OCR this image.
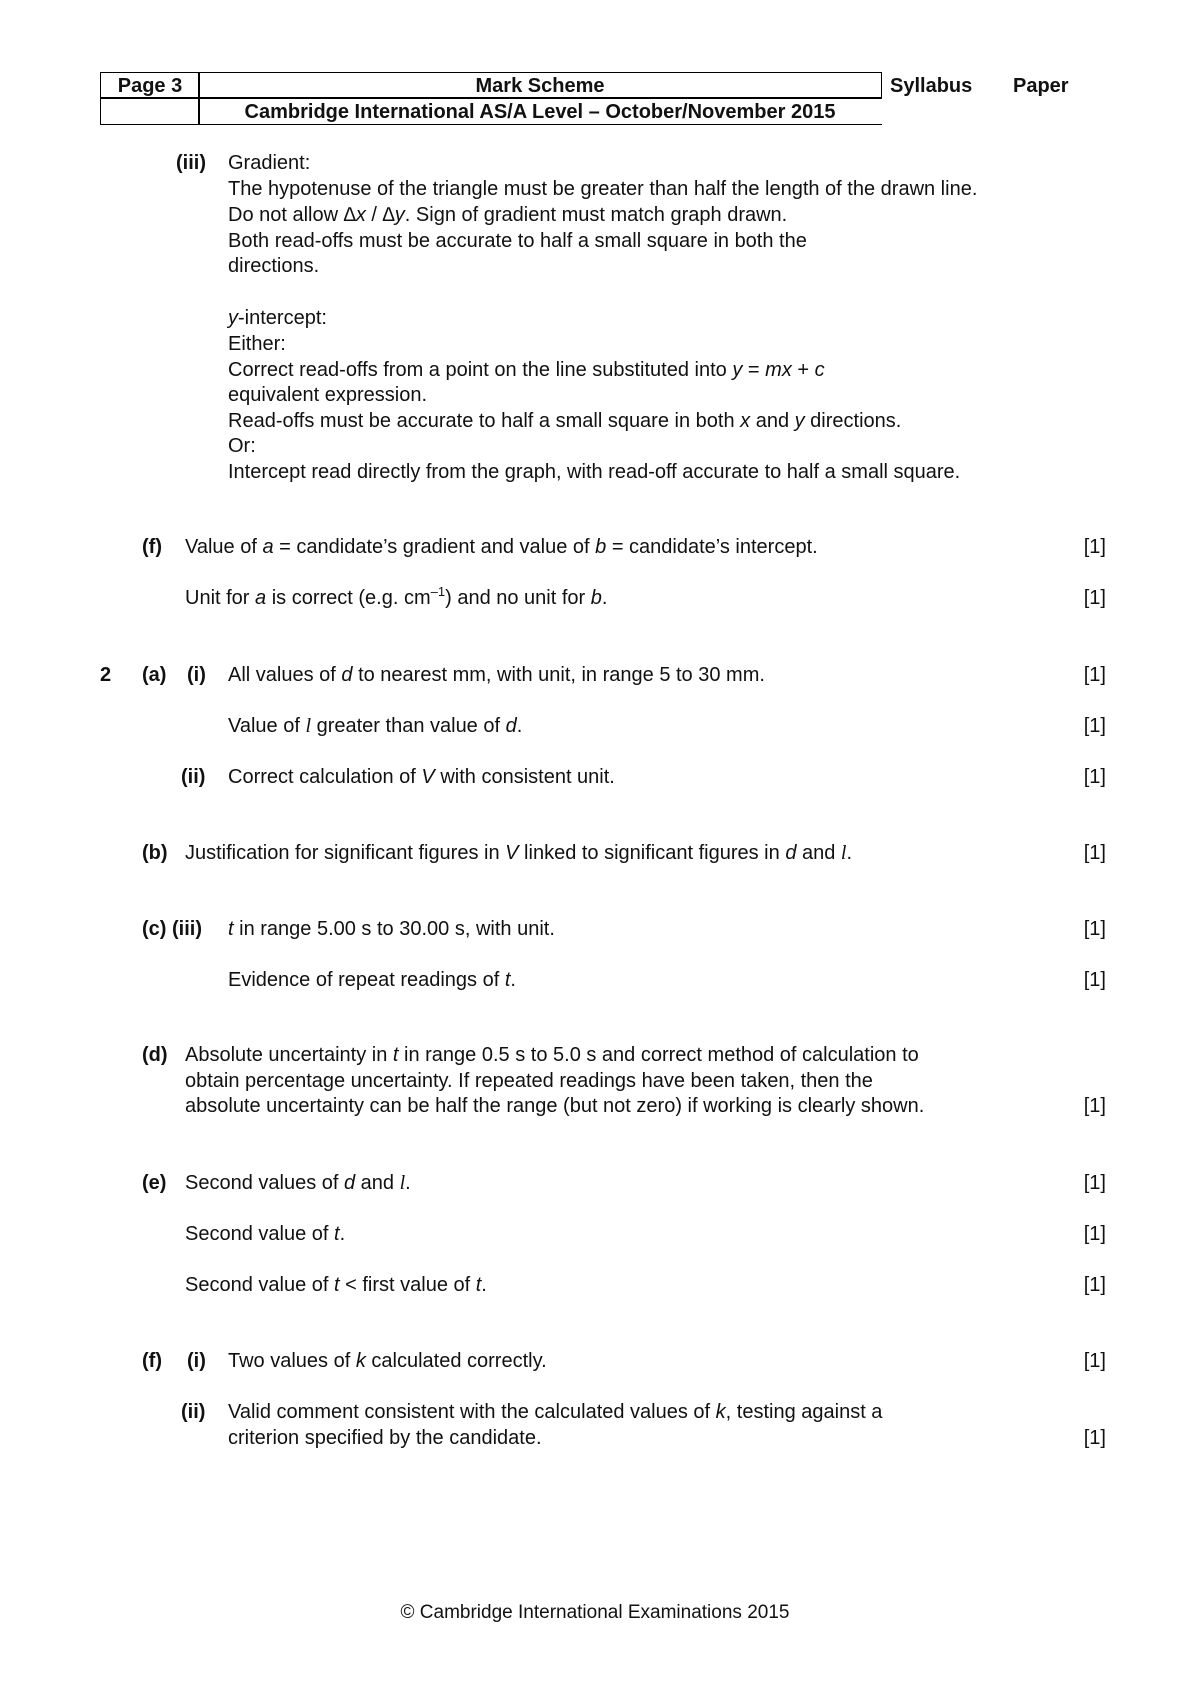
Page 3	Mark Scheme
Cambridge International AS/A Level – October/November 2015
Syllabus Paper
(iii) Gradient:
The hypotenuse of the triangle must be greater than half the length of the drawn line.
Do not allow ∆x / ∆y. Sign of gradient must match graph drawn.
Both read-offs must be accurate to half a small square in both the
directions.
y-intercept:
Either:
Correct read-offs from a point on the line substituted into y = mx + c
equivalent expression.
Read-offs must be accurate to half a small square in both x and y directions.
Or:
Intercept read directly from the graph, with read-off accurate to half a small square.
(f) Value of a = candidate’s gradient and value of b = candidate’s intercept.	[1]
Unit for a is correct (e.g. $cm^{-1}$) and no unit for b.	[1]
2 (a) (i) All values of d to nearest mm, with unit, in range 5 to 30 mm.	[1]
Value of l greater than value of d.	[1]
(ii) Correct calculation of V with consistent unit.	[1]
(b) Justification for significant figures in V linked to significant figures in d and l.	[1]
(c) (iii) t in range 5.00 s to 30.00 s, with unit.	[1]
Evidence of repeat readings of t.	[1]
(d) Absolute uncertainty in t in range 0.5 s to 5.0 s and correct method of calculation to
obtain percentage uncertainty. If repeated readings have been taken, then the
absolute uncertainty can be half the range (but not zero) if working is clearly shown.	[1]
(e) Second values of d and l.	[1]
Second value of t.	[1]
Second value of t < first value of t.	[1]
(f) (i) Two values of k calculated correctly.	[1]
(ii) Valid comment consistent with the calculated values of k, testing against a
criterion specified by the candidate.	[1]
© Cambridge International Examinations 2015
